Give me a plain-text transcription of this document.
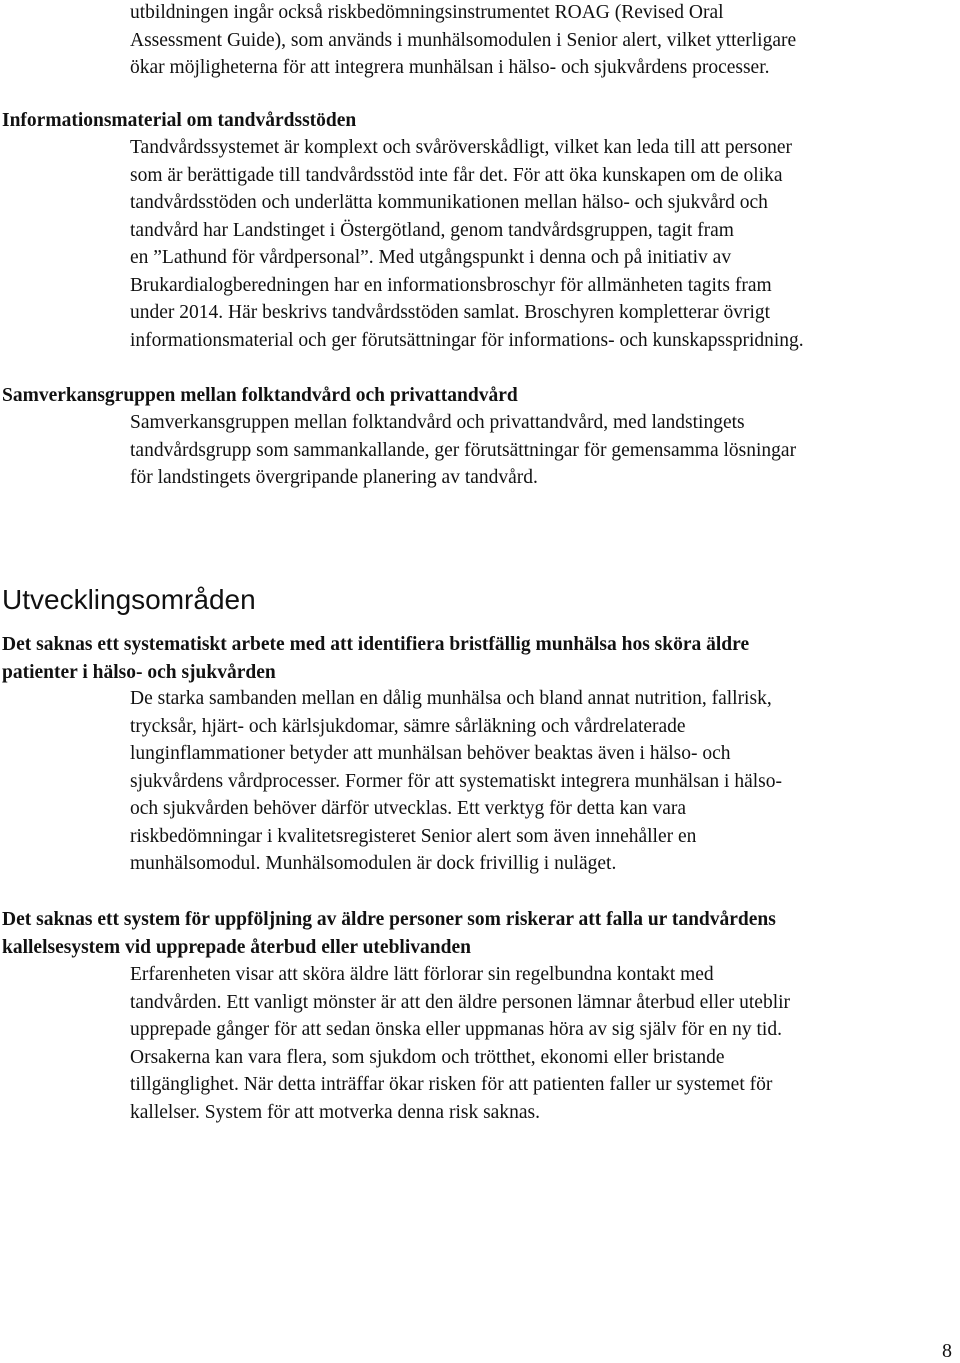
utbildningen ingår också riskbedömningsinstrumentet ROAG (Revised Oral
Assessment Guide), som används i munhälsomodulen i Senior alert, vilket ytterligare
ökar möjligheterna för att integrera munhälsan i hälso- och sjukvårdens processer.
Informationsmaterial om tandvårdsstöden
Tandvårdssystemet är komplext och svåröverskådligt, vilket kan leda till att personer
som är berättigade till tandvårdsstöd inte får det. För att öka kunskapen om de olika
tandvårdsstöden och underlätta kommunikationen mellan hälso- och sjukvård och
tandvård har Landstinget i Östergötland, genom tandvårdsgruppen, tagit fram
en ”Lathund för vårdpersonal”. Med utgångspunkt i denna och på initiativ av
Brukardialogberedningen har en informationsbroschyr för allmänheten tagits fram
under 2014. Här beskrivs tandvårdsstöden samlat. Broschyren kompletterar övrigt
informationsmaterial och ger förutsättningar för informations- och kunskapsspridning.
Samverkansgruppen mellan folktandvård och privattandvård
Samverkansgruppen mellan folktandvård och privattandvård, med landstingets
tandvårdsgrupp som sammankallande, ger förutsättningar för gemensamma lösningar
för landstingets övergripande planering av tandvård.
Utvecklingsområden
Det saknas ett systematiskt arbete med att identifiera bristfällig munhälsa hos sköra äldre
patienter i hälso- och sjukvården
De starka sambanden mellan en dålig munhälsa och bland annat nutrition, fallrisk,
trycksår, hjärt- och kärlsjukdomar, sämre sårläkning och vårdrelaterade
lunginflammationer betyder att munhälsan behöver beaktas även i hälso- och
sjukvårdens vårdprocesser. Former för att systematiskt integrera munhälsan i hälso-
och sjukvården behöver därför utvecklas. Ett verktyg för detta kan vara
riskbedömningar i kvalitetsregisteret Senior alert som även innehåller en
munhälsomodul. Munhälsomodulen är dock frivillig i nuläget.
Det saknas ett system för uppföljning av äldre personer som riskerar att falla ur tandvårdens
kallelsesystem vid upprepade återbud eller uteblivanden
Erfarenheten visar att sköra äldre lätt förlorar sin regelbundna kontakt med
tandvården. Ett vanligt mönster är att den äldre personen lämnar återbud eller uteblir
upprepade gånger för att sedan önska eller uppmanas höra av sig själv för en ny tid.
Orsakerna kan vara flera, som sjukdom och trötthet, ekonomi eller bristande
tillgänglighet. När detta inträffar ökar risken för att patienten faller ur systemet för
kallelser. System för att motverka denna risk saknas.
8
